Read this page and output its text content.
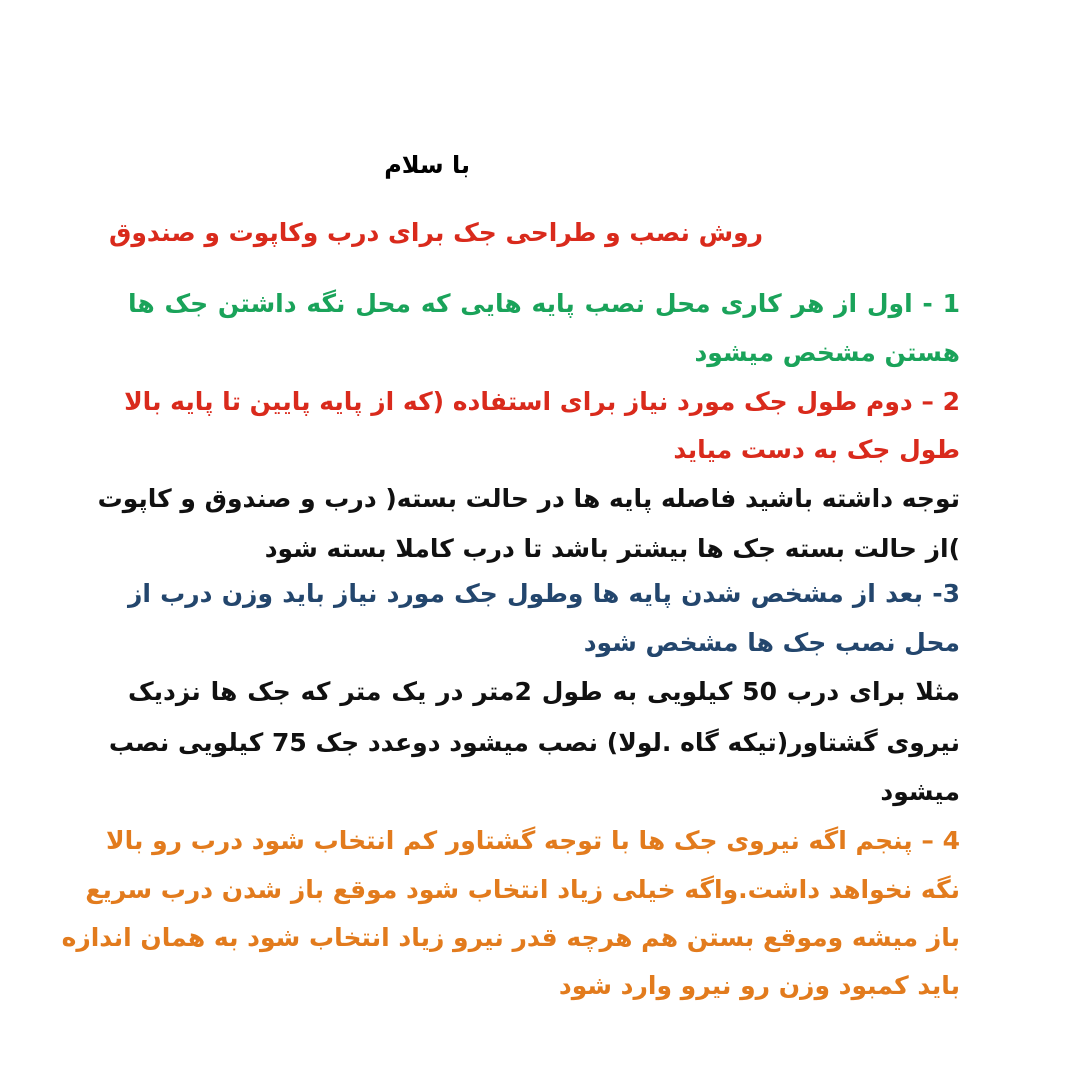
با سلام
روش نصب و طراحی جک برای درب وکاپوت و صندوق
1 - اول از هر کاری محل نصب پایه هایی که محل نگه داشتن جک ها
هستن مشخص میشود
2 – دوم طول جک مورد نیاز برای استفاده (که از پایه پایین تا پایه بالا
طول جک به دست میاید
توجه داشته باشید فاصله پایه ها در حالت بسته( درب و صندوق و کاپوت
)از حالت بسته جک ها بیشتر باشد تا درب کاملا بسته شود
3- بعد از مشخص شدن پایه ها وطول جک مورد نیاز باید وزن درب از
محل نصب جک ها مشخص شود
مثلا برای درب 50 کیلویی به طول 2متر در یک متر که جک ها نزدیک
نیروی گشتاور(تیکه گاه .لولا) نصب میشود دوعدد جک 75 کیلویی نصب
میشود
4 – پنجم اگه نیروی جک ها با توجه گشتاور کم انتخاب شود درب رو بالا
نگه نخواهد داشت.واگه خیلی زیاد انتخاب شود موقع باز شدن درب سریع
باز میشه وموقع بستن هم هرچه قدر نیرو زیاد انتخاب شود به همان اندازه
باید کمبود وزن رو نیرو وارد شود
